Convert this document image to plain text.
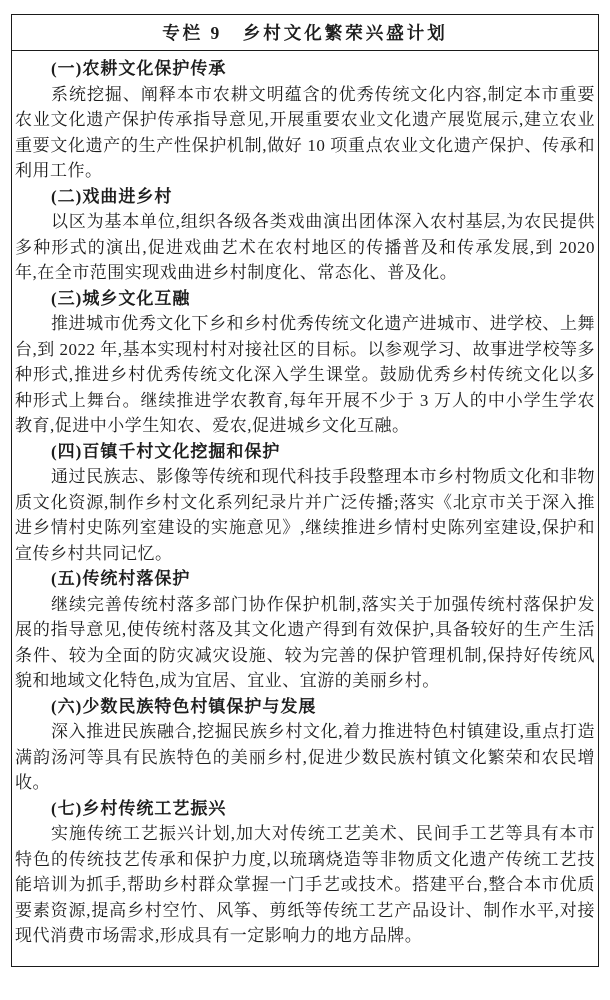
专栏 9　乡村文化繁荣兴盛计划

(一)农耕文化保护传承

系统挖掘、阐释本市农耕文明蕴含的优秀传统文化内容,制定本市重要农业文化遗产保护传承指导意见,开展重要农业文化遗产展览展示,建立农业重要文化遗产的生产性保护机制,做好 10 项重点农业文化遗产保护、传承和利用工作。

(二)戏曲进乡村

以区为基本单位,组织各级各类戏曲演出团体深入农村基层,为农民提供多种形式的演出,促进戏曲艺术在农村地区的传播普及和传承发展,到 2020 年,在全市范围实现戏曲进乡村制度化、常态化、普及化。

(三)城乡文化互融

推进城市优秀文化下乡和乡村优秀传统文化遗产进城市、进学校、上舞台,到 2022 年,基本实现村村对接社区的目标。以参观学习、故事进学校等多种形式,推进乡村优秀传统文化深入学生课堂。鼓励优秀乡村传统文化以多种形式上舞台。继续推进学农教育,每年开展不少于 3 万人的中小学生学农教育,促进中小学生知农、爱农,促进城乡文化互融。

(四)百镇千村文化挖掘和保护

通过民族志、影像等传统和现代科技手段整理本市乡村物质文化和非物质文化资源,制作乡村文化系列纪录片并广泛传播;落实《北京市关于深入推进乡情村史陈列室建设的实施意见》,继续推进乡情村史陈列室建设,保护和宣传乡村共同记忆。

(五)传统村落保护

继续完善传统村落多部门协作保护机制,落实关于加强传统村落保护发展的指导意见,使传统村落及其文化遗产得到有效保护,具备较好的生产生活条件、较为全面的防灾减灾设施、较为完善的保护管理机制,保持好传统风貌和地域文化特色,成为宜居、宜业、宜游的美丽乡村。

(六)少数民族特色村镇保护与发展

深入推进民族融合,挖掘民族乡村文化,着力推进特色村镇建设,重点打造满韵汤河等具有民族特色的美丽乡村,促进少数民族村镇文化繁荣和农民增收。

(七)乡村传统工艺振兴

实施传统工艺振兴计划,加大对传统工艺美术、民间手工艺等具有本市特色的传统技艺传承和保护力度,以琉璃烧造等非物质文化遗产传统工艺技能培训为抓手,帮助乡村群众掌握一门手艺或技术。搭建平台,整合本市优质要素资源,提高乡村空竹、风筝、剪纸等传统工艺产品设计、制作水平,对接现代消费市场需求,形成具有一定影响力的地方品牌。
